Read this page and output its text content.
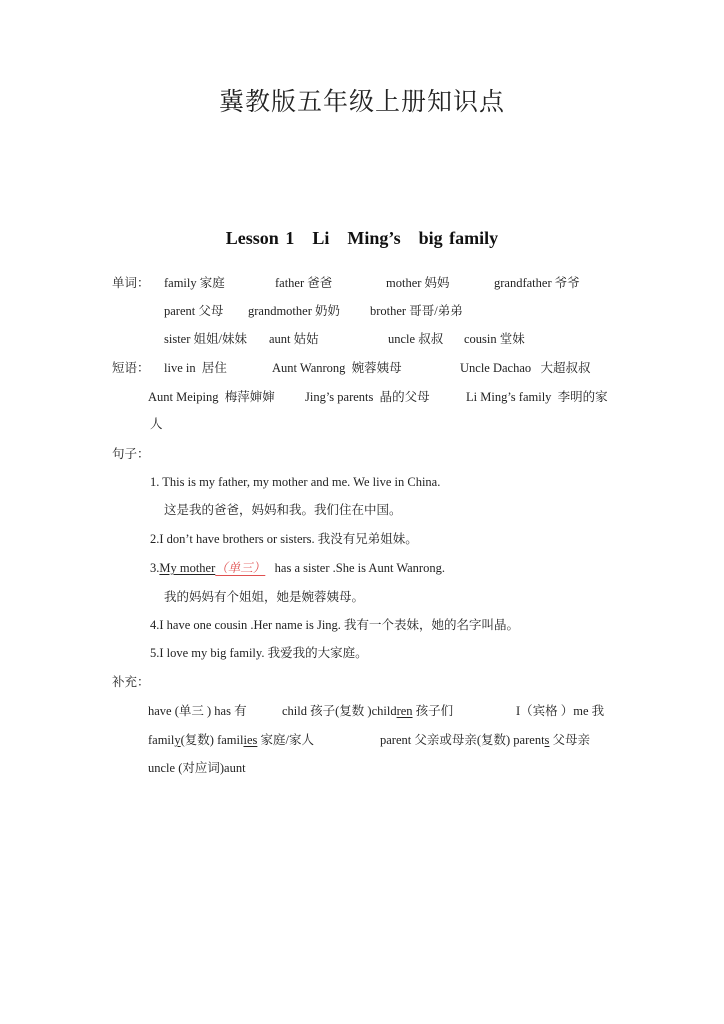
冀教版五年级上册知识点
Lesson 1 Li Ming’s big family
单词： family 家庭	father 爸爸	mother 妈妈	grandfather 爷爷
parent 父母 grandmother 奶奶 brother 哥哥/弟弟
sister 姐姐/妹妹 aunt 姑姑	uncle 叔叔 cousin 堂妹
短语： live in 居住	Aunt Wanrong 婉蓉姨母	Uncle Dachao 大超叔叔
Aunt Meiping 梅萍婶婶 Jing’s parents 晶的父母	Li Ming’s family 李明的家
人
句子：
1. This is my father, my mother and me. We live in China.
这是我的爸爸，妈妈和我。我们住在中国。
2.I don’t have brothers or sisters. 我没有兄弟姐妹。
3.My mother（单三） has a sister .She is Aunt Wanrong.
我的妈妈有个姐姐，她是婉蓉姨母。
4.I have one cousin .Her name is Jing. 我有一个表妹，她的名字叫晶。
5.I love my big family. 我爱我的大家庭。
补充：
have (单三 ) has 有	child 孩子(复数 )children 孩子们	I（宾格 ）me 我
family(复数) families 家庭/家人	parent 父亲或母亲(复数) parents 父母亲
uncle (对应词)aunt
